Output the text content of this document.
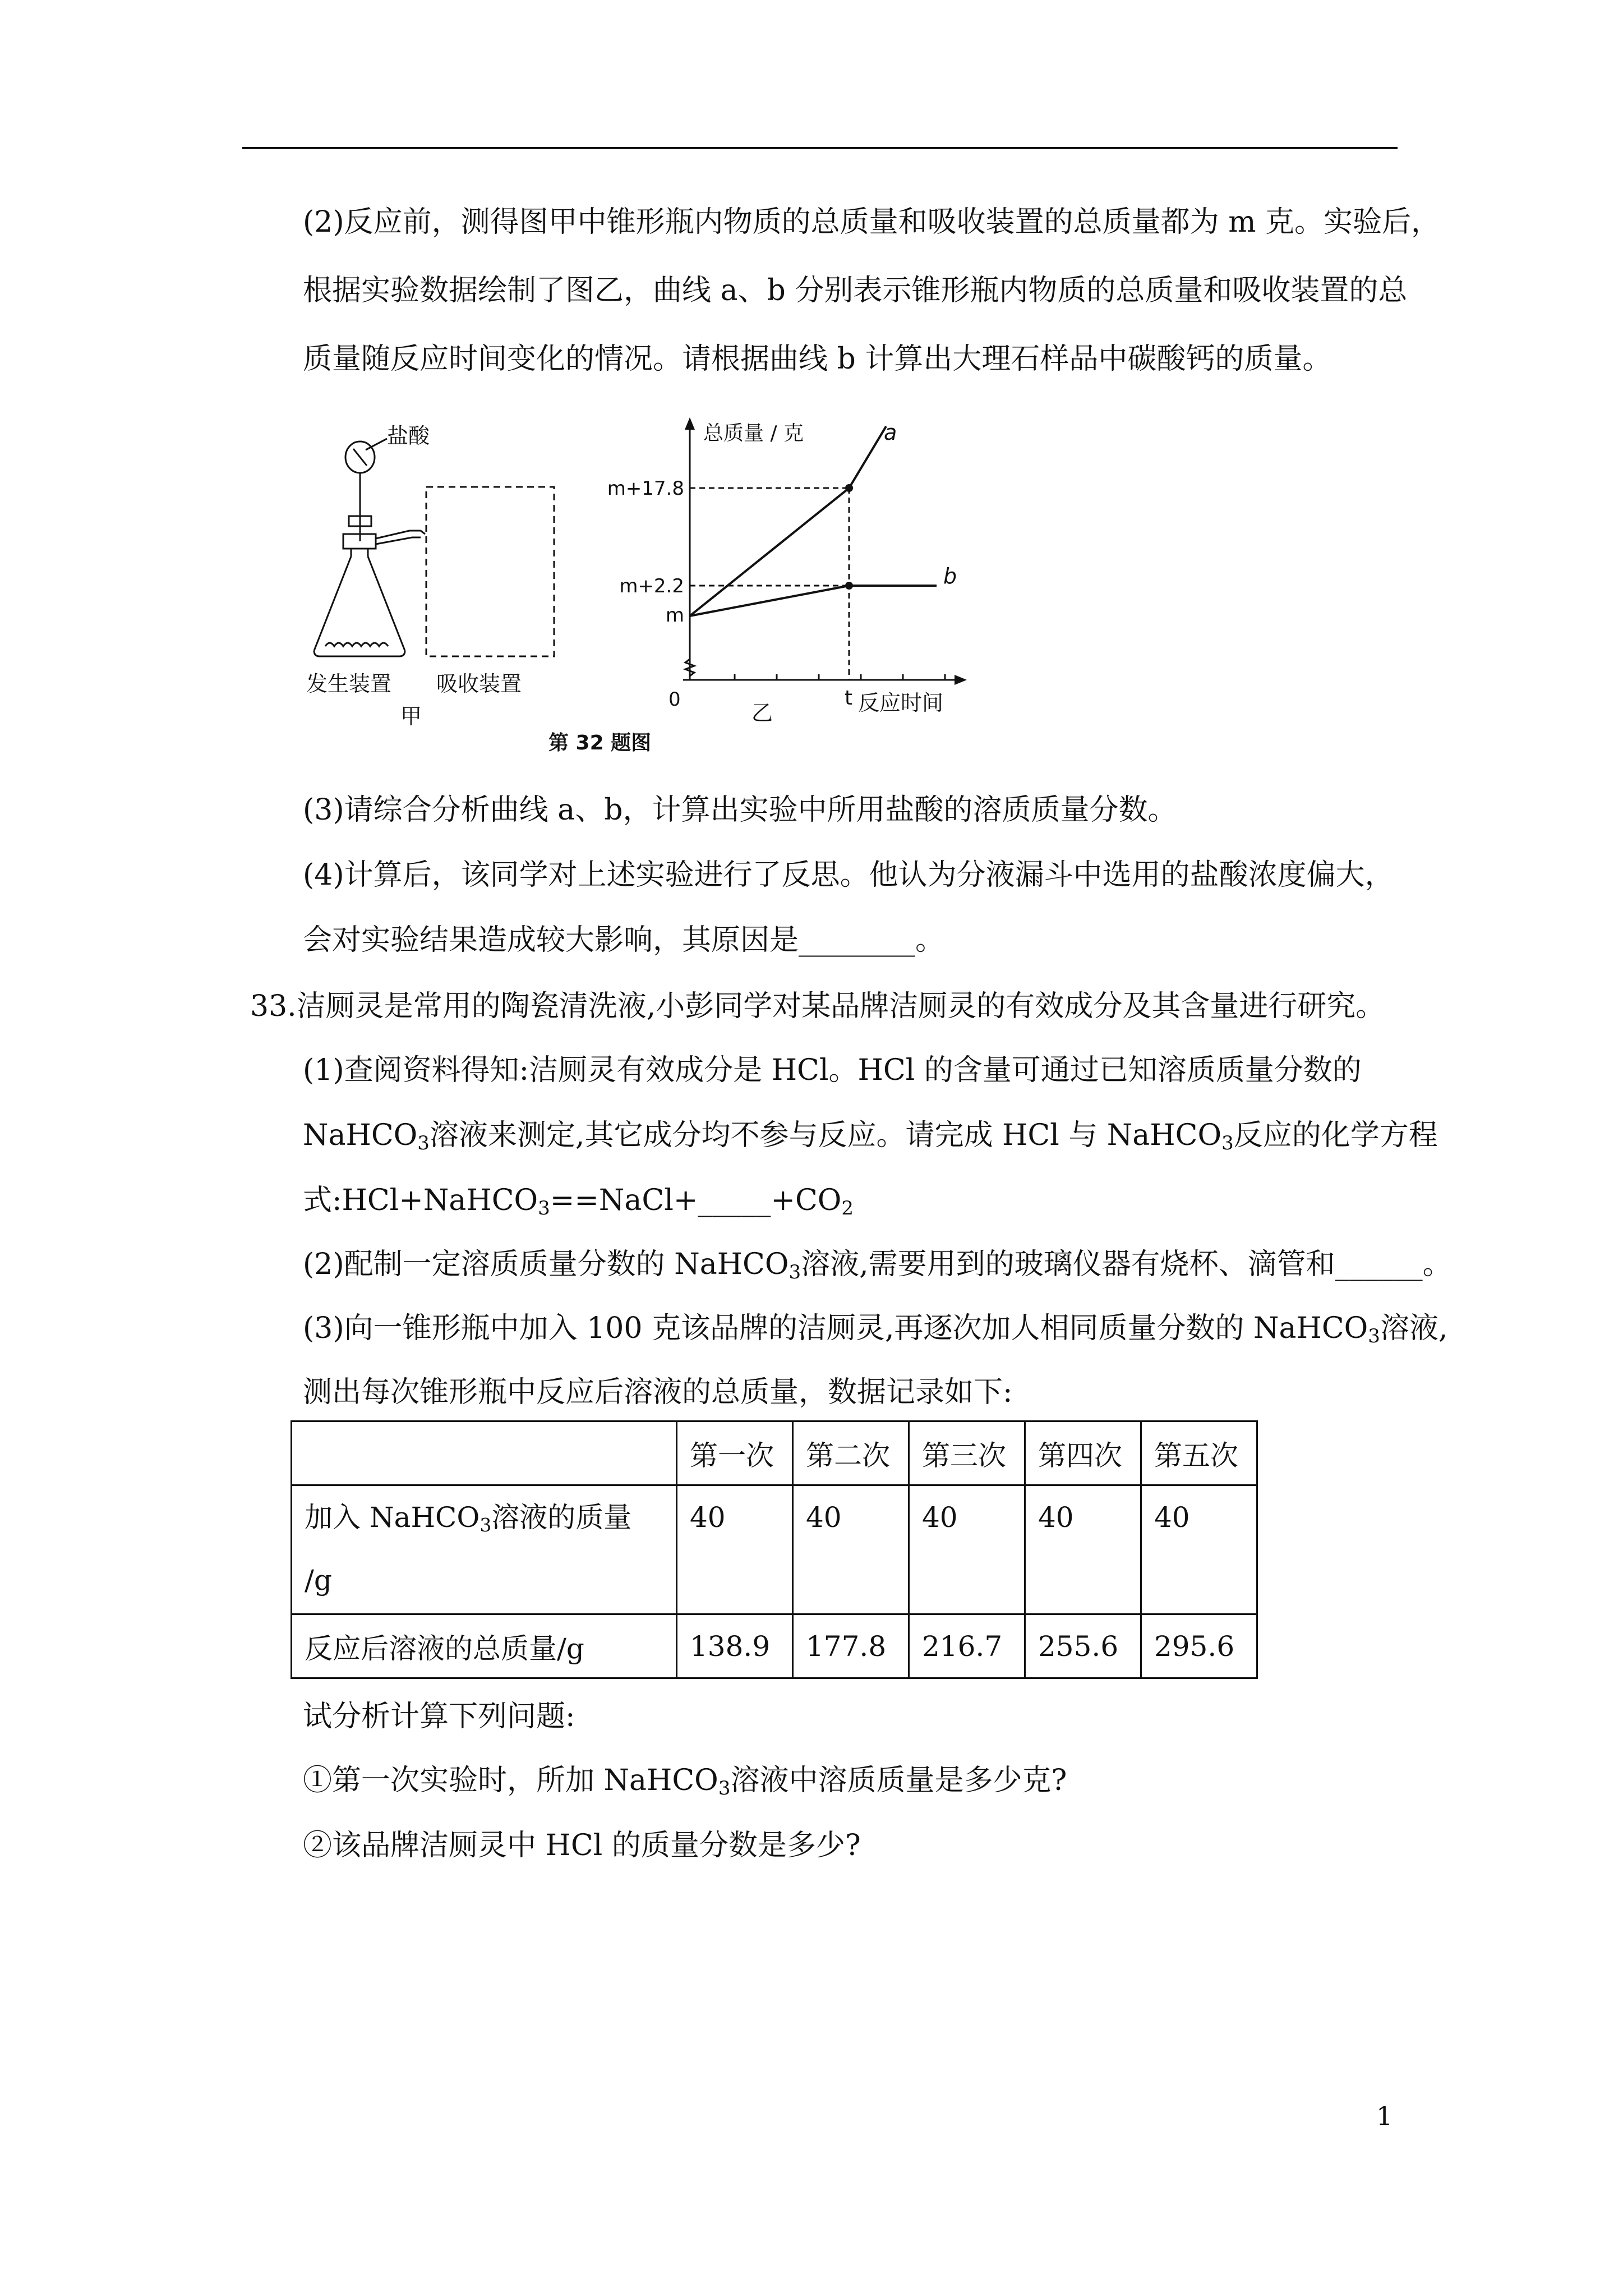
(2)反应前，测得图甲中锥形瓶内物质的总质量和吸收装置的总质量都为 m 克。实验后，
根据实验数据绘制了图乙，曲线 a、b 分别表示锥形瓶内物质的总质量和吸收装置的总
质量随反应时间变化的情况。请根据曲线 b 计算出大理石样品中碳酸钙的质量。
盐酸
发生装置 吸收装置
甲
第 32 题图
总质量 / 克
m+17.8
m+2.2
m
0	t 反应时间
乙
a
b
(3)请综合分析曲线 a、b，计算出实验中所用盐酸的溶质质量分数。
(4)计算后，该同学对上述实验进行了反思。他认为分液漏斗中选用的盐酸浓度偏大，
会对实验结果造成较大影响，其原因是________。
33.洁厕灵是常用的陶瓷清洗液,小彭同学对某品牌洁厕灵的有效成分及其含量进行研究。
(1)查阅资料得知:洁厕灵有效成分是 HCl。HCl 的含量可通过已知溶质质量分数的
NaHCO$_3$溶液来测定,其它成分均不参与反应。请完成 HCl 与 NaHCO$_3$反应的化学方程
式$:HCl+NaHCO_3==NaCl+\_\_\_\_\_+CO_2$
(2)配制一定溶质质量分数的 NaHCO$_3$溶液,需要用到的玻璃仪器有烧杯、滴管和______。
(3)向一锥形瓶中加入 100 克该品牌的洁厕灵,再逐次加人相同质量分数的 NaHCO$_3$溶液,
测出每次锥形瓶中反应后溶液的总质量，数据记录如下:
	第一次	第二次	第三次	第四次	第五次
加入 NaHCO$_3$溶液的质量
/g	40	40	40	40	40
反应后溶液的总质量/g	138.9	177.8	216.7	255.6	295.6
试分析计算下列问题:
①第一次实验时，所加 NaHCO$_3$溶液中溶质质量是多少克?
②该品牌洁厕灵中 HCl 的质量分数是多少?
1
